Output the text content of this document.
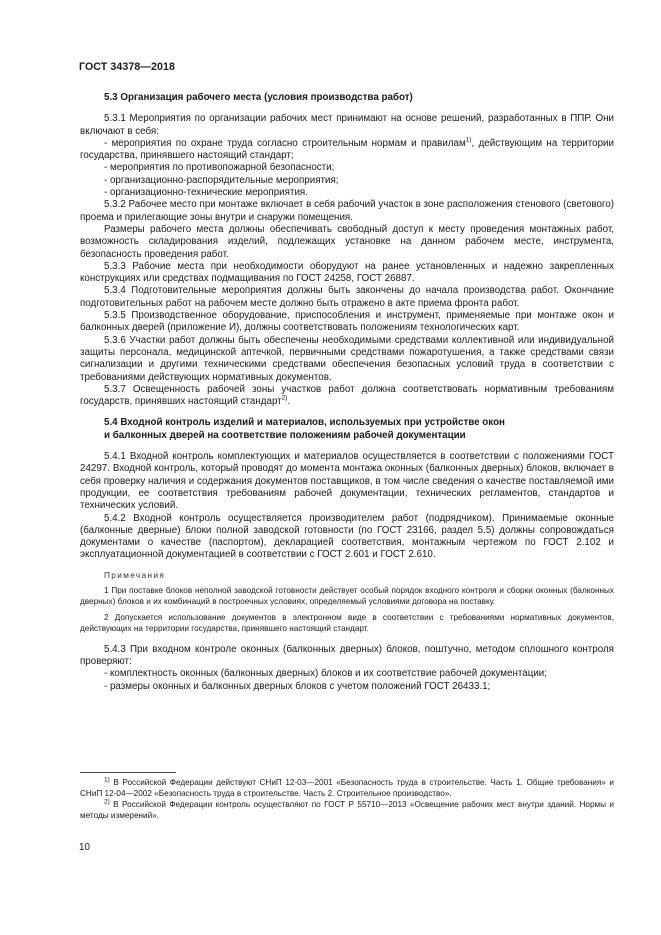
ГОСТ 34378—2018
5.3 Организация рабочего места (условия производства работ)

5.3.1 Мероприятия по организации рабочих мест принимают на основе решений, разработанных в ППР. Они включают в себя:

- мероприятия по охране труда согласно строительным нормам и правилам$^{1)}$, действующим на территории государства, принявшего настоящий стандарт;

- мероприятия по противопожарной безопасности;

- организационно-распорядительные мероприятия;

- организационно-технические мероприятия.

5.3.2 Рабочее место при монтаже включает в себя рабочий участок в зоне расположения стенового (светового) проема и прилегающие зоны внутри и снаружи помещения.

Размеры рабочего места должны обеспечивать свободный доступ к месту проведения монтажных работ, возможность складирования изделий, подлежащих установке на данном рабочем месте, инструмента, безопасность проведения работ.

5.3.3 Рабочие места при необходимости оборудуют на ранее установленных и надежно закрепленных конструкциях или средствах подмащивания по ГОСТ 24258, ГОСТ 26887.

5.3.4 Подготовительные мероприятия должны быть закончены до начала производства работ. Окончание подготовительных работ на рабочем месте должно быть отражено в акте приема фронта работ.

5.3.5 Производственное оборудование, приспособления и инструмент, применяемые при монтаже окон и балконных дверей (приложение И), должны соответствовать положениям технологических карт.

5.3.6 Участки работ должны быть обеспечены необходимыми средствами коллективной или индивидуальной защиты персонала, медицинской аптечкой, первичными средствами пожаротушения, а также средствами связи сигнализации и другими техническими средствами обеспечения безопасных условий труда в соответствии с требованиями действующих нормативных документов.

5.3.7 Освещенность рабочей зоны участков работ должна соответствовать нормативным требованиям государств, принявших настоящий стандарт$^{2)}$.

5.4 Входной контроль изделий и материалов, используемых при устройстве окон
и балконных дверей на соответствие положениям рабочей документации

5.4.1 Входной контроль комплектующих и материалов осуществляется в соответствии с положениями ГОСТ 24297. Входной контроль, который проводят до момента монтажа оконных (балконных дверных) блоков, включает в себя проверку наличия и содержания документов поставщиков, в том числе сведения о качестве поставляемой ими продукции, ее соответствия требованиям рабочей документации, технических регламентов, стандартов и технических условий.

5.4.2 Входной контроль осуществляется производителем работ (подрядчиком). Принимаемые оконные (балконные дверные) блоки полной заводской готовности (по ГОСТ 23166, раздел 5.5) должны сопровождаться документами о качестве (паспортом), декларацией соответствия, монтажным чертежом по ГОСТ 2.102 и эксплуатационной документацией в соответствии с ГОСТ 2.601 и ГОСТ 2.610.

Примечания

1 При поставке блоков неполной заводской готовности действует особый порядок входного контроля и сборки оконных (балконных дверных) блоков и их комбинаций в построечных условиях, определяемый условиями договора на поставку.

2 Допускается использование документов в электронном виде в соответствии с требованиями нормативных документов, действующих на территории государства, принявшего настоящий стандарт.

5.4.3 При входном контроле оконных (балконных дверных) блоков, поштучно, методом сплошного контроля проверяют:

- комплектность оконных (балконных дверных) блоков и их соответствие рабочей документации;

- размеры оконных и балконных дверных блоков с учетом положений ГОСТ 26433.1;

$^{1)}$ В Российской Федерации действуют СНиП 12-03—2001 «Безопасность труда в строительстве. Часть 1. Общие требования» и СНиП 12-04—2002 «Безопасность труда в строительстве. Часть 2. Строительное производство».

$^{2)}$ В Российской Федерации контроль осуществляют по ГОСТ Р 55710—2013 «Освещение рабочих мест внутри зданий. Нормы и методы измерений».

10
